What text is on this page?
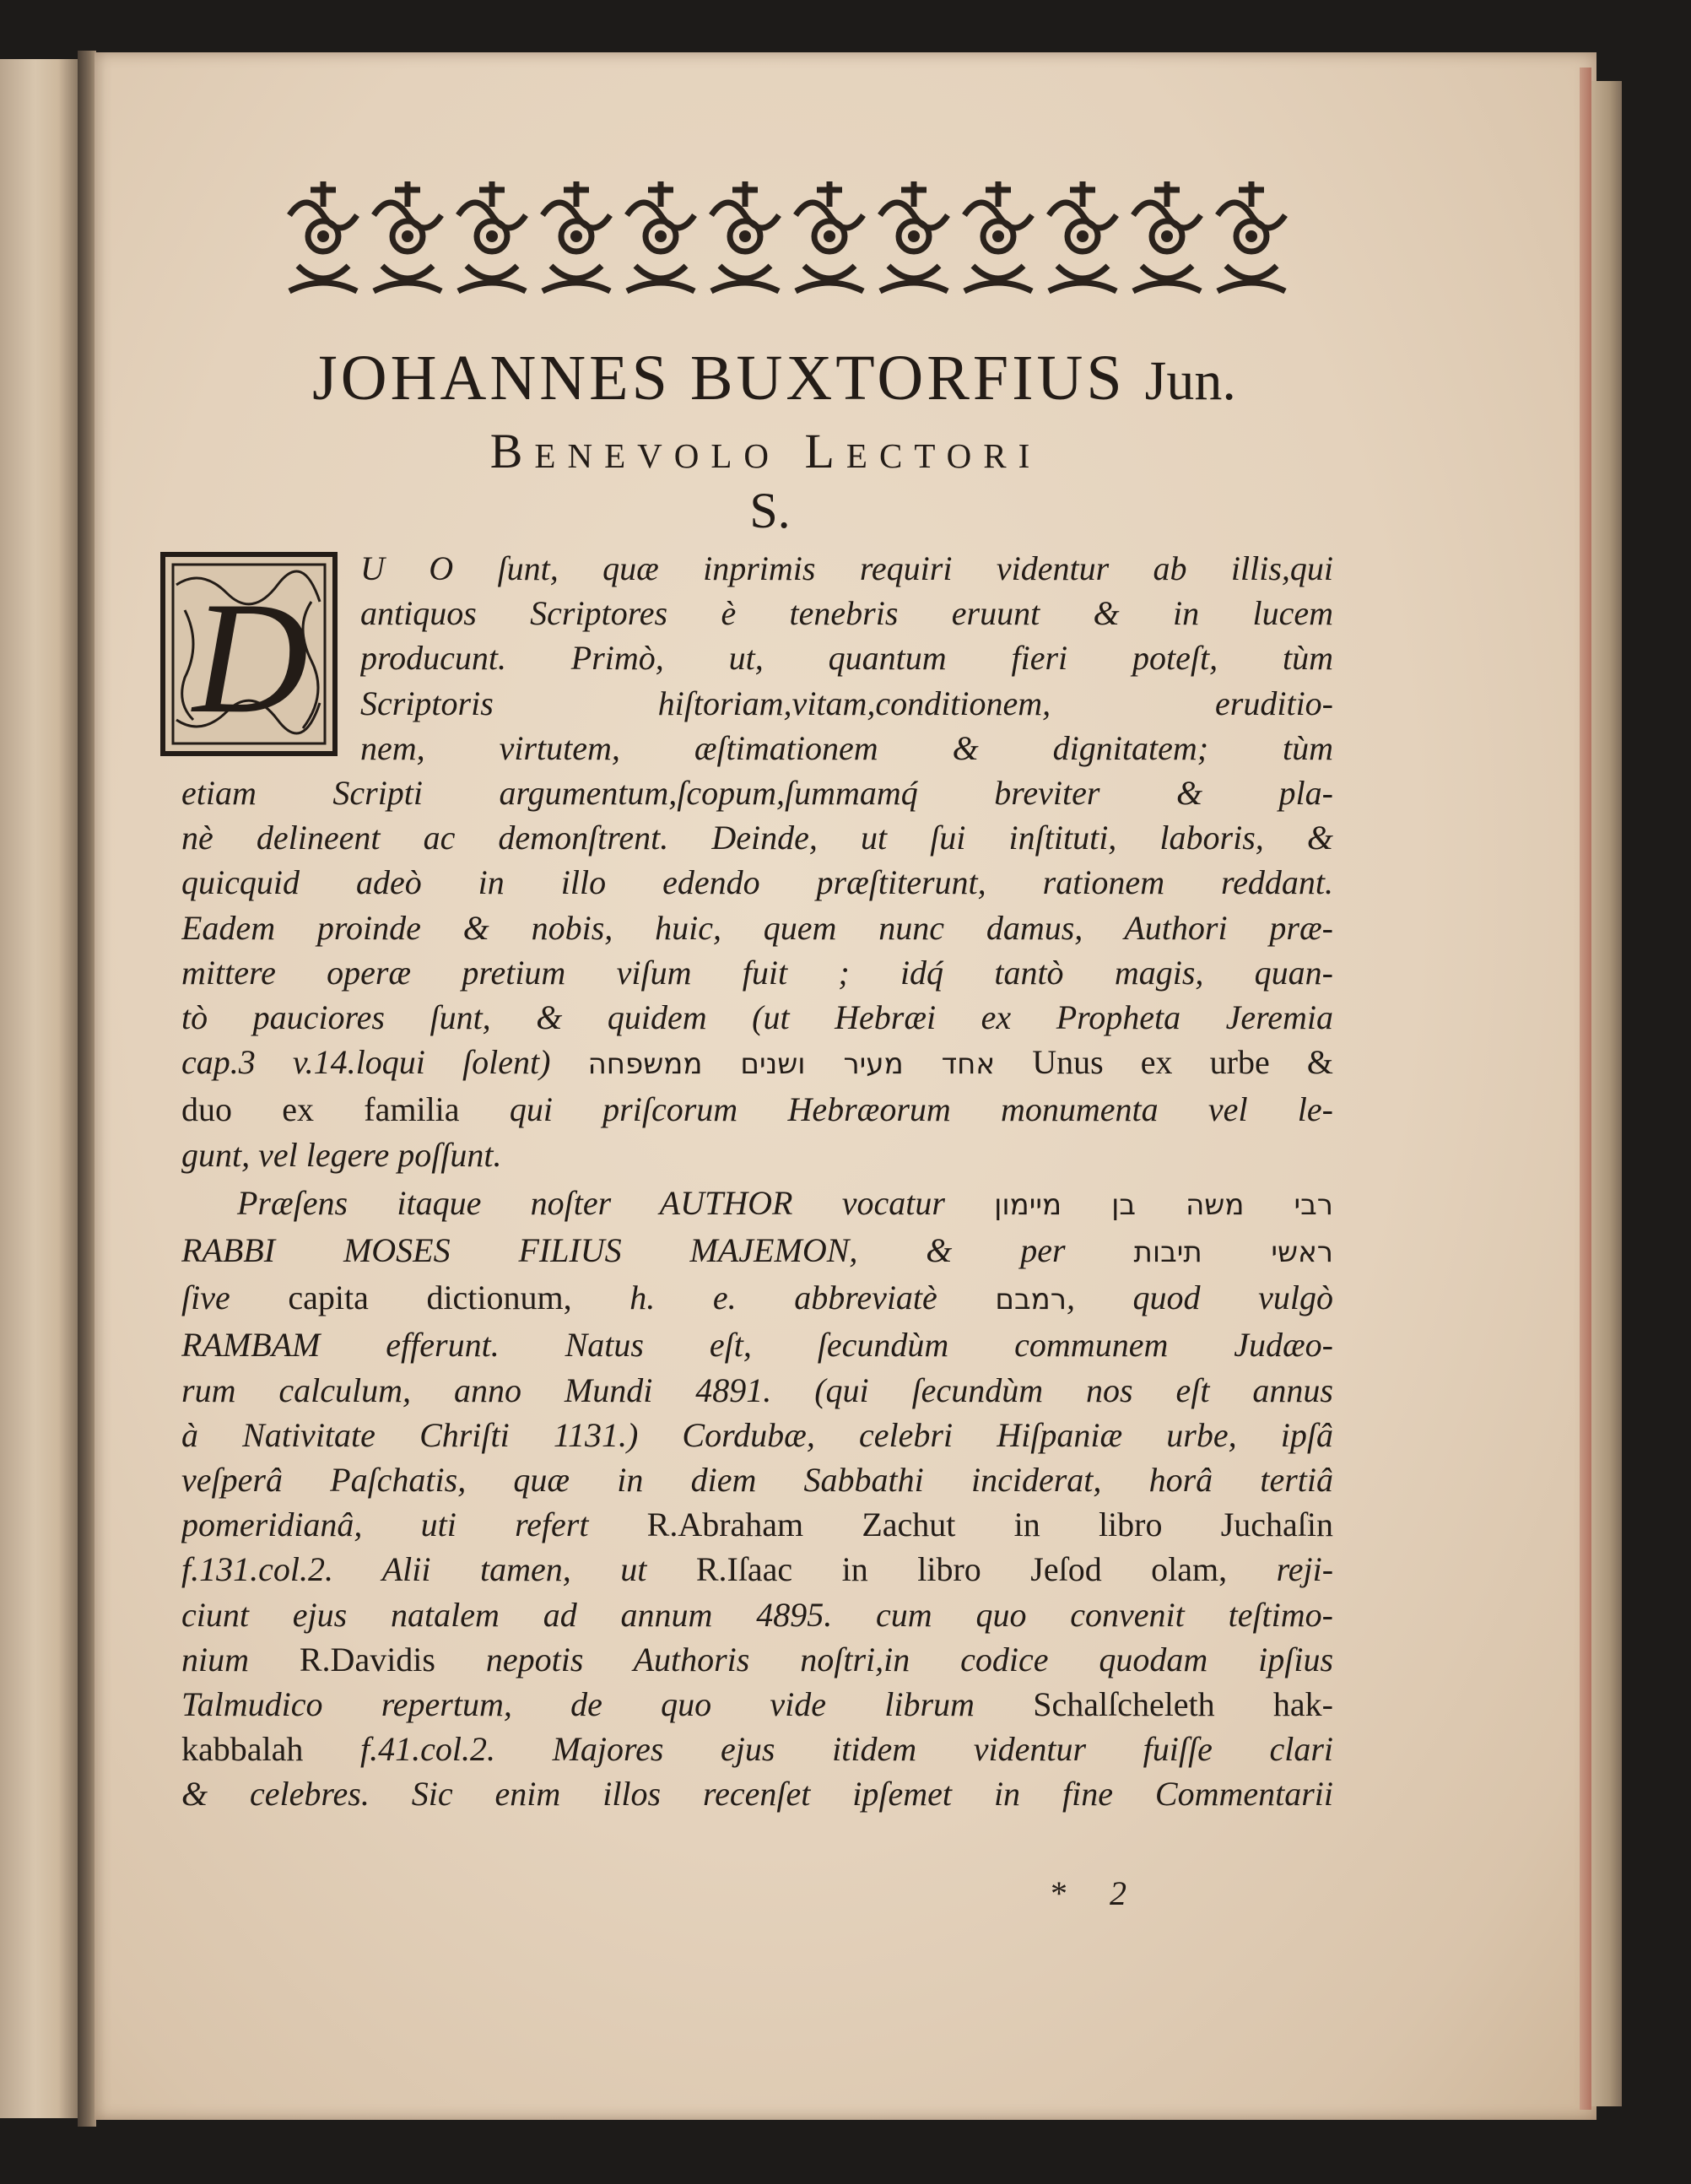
JOHANNES BUXTORFIUS Jun.
Benevolo Lectori
S.
D
U O ſunt, quæ inprimis requiri videntur ab illis,qui
antiquos Scriptores è tenebris eruunt & in lucem
producunt. Primò, ut, quantum fieri poteſt, tùm
Scriptoris hiſtoriam,vitam,conditionem, eruditio-
nem, virtutem, æſtimationem & dignitatem; tùm
etiam Scripti argumentum,ſcopum,ſummamq́ breviter & pla-
nè delineent ac demonſtrent. Deinde, ut ſui inſtituti, laboris, &
quicquid adeò in illo edendo præſtiterunt, rationem reddant.
Eadem proinde & nobis, huic, quem nunc damus, Authori præ-
mittere operæ pretium viſum fuit ; idq́ tantò magis, quan-
tò pauciores ſunt, & quidem (ut Hebræi ex Propheta Jeremia
cap.3 v.14.loqui ſolent) אחד מעיר ושנים ממשפחה Unus ex urbe &
duo ex familia qui priſcorum Hebræorum monumenta vel le-
gunt, vel legere poſſunt.
Præſens itaque noſter AUTHOR vocatur רבי משה בן מיימון
RABBI MOSES FILIUS MAJEMON, & per ראשי תיבות
ſive capita dictionum, h. e. abbreviatè רמבם, quod vulgò
RAMBAM efferunt. Natus eſt, ſecundùm communem Judæo-
rum calculum, anno Mundi 4891. (qui ſecundùm nos eſt annus
à Nativitate Chriſti 1131.) Cordubæ, celebri Hiſpaniæ urbe, ipſâ
veſperâ Paſchatis, quæ in diem Sabbathi inciderat, horâ tertiâ
pomeridianâ, uti refert R.Abraham Zachut in libro Juchaſin
f.131.col.2. Alii tamen, ut R.Iſaac in libro Jeſod olam, reji-
ciunt ejus natalem ad annum 4895. cum quo convenit teſtimo-
nium R.Davidis nepotis Authoris noſtri,in codice quodam ipſius
Talmudico repertum, de quo vide librum Schalſcheleth hak-
kabbalah f.41.col.2. Majores ejus itidem videntur fuiſſe clari
& celebres. Sic enim illos recenſet ipſemet in fine Commentarii
* 2
